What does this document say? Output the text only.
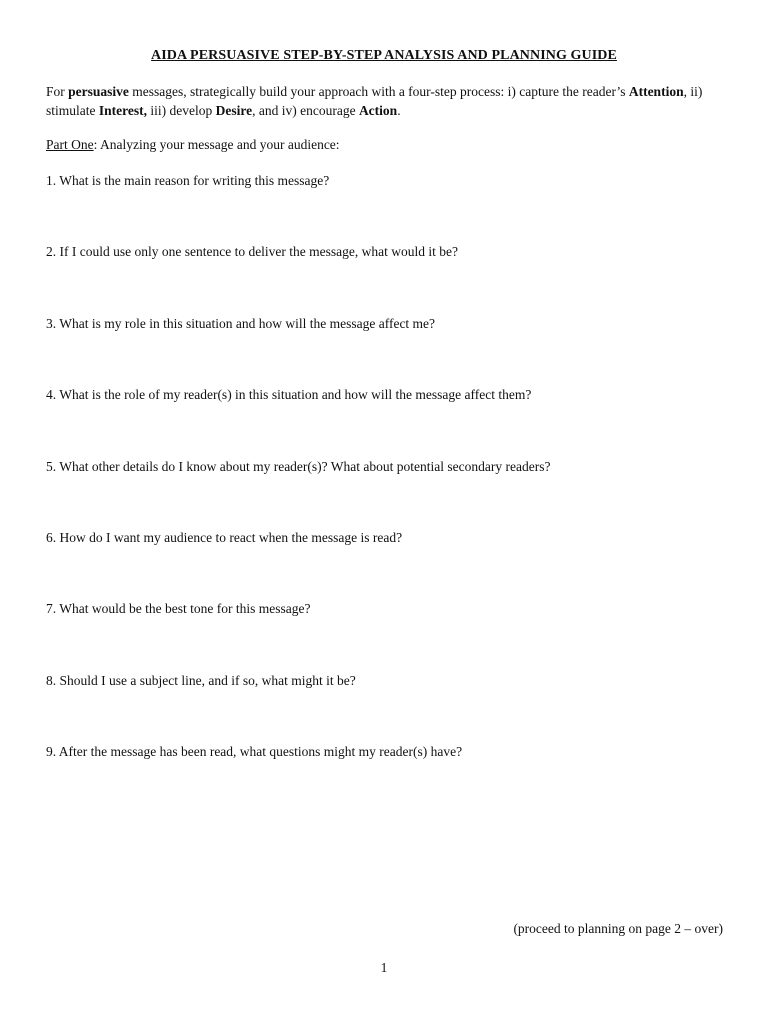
AIDA PERSUASIVE STEP-BY-STEP ANALYSIS AND PLANNING GUIDE
For persuasive messages, strategically build your approach with a four-step process: i) capture the reader’s Attention, ii) stimulate Interest, iii) develop Desire, and iv) encourage Action.
Part One: Analyzing your message and your audience:
1. What is the main reason for writing this message?
2. If I could use only one sentence to deliver the message, what would it be?
3. What is my role in this situation and how will the message affect me?
4. What is the role of my reader(s) in this situation and how will the message affect them?
5. What other details do I know about my reader(s)? What about potential secondary readers?
6. How do I want my audience to react when the message is read?
7. What would be the best tone for this message?
8. Should I use a subject line, and if so, what might it be?
9. After the message has been read, what questions might my reader(s) have?
(proceed to planning on page 2 – over)
1
